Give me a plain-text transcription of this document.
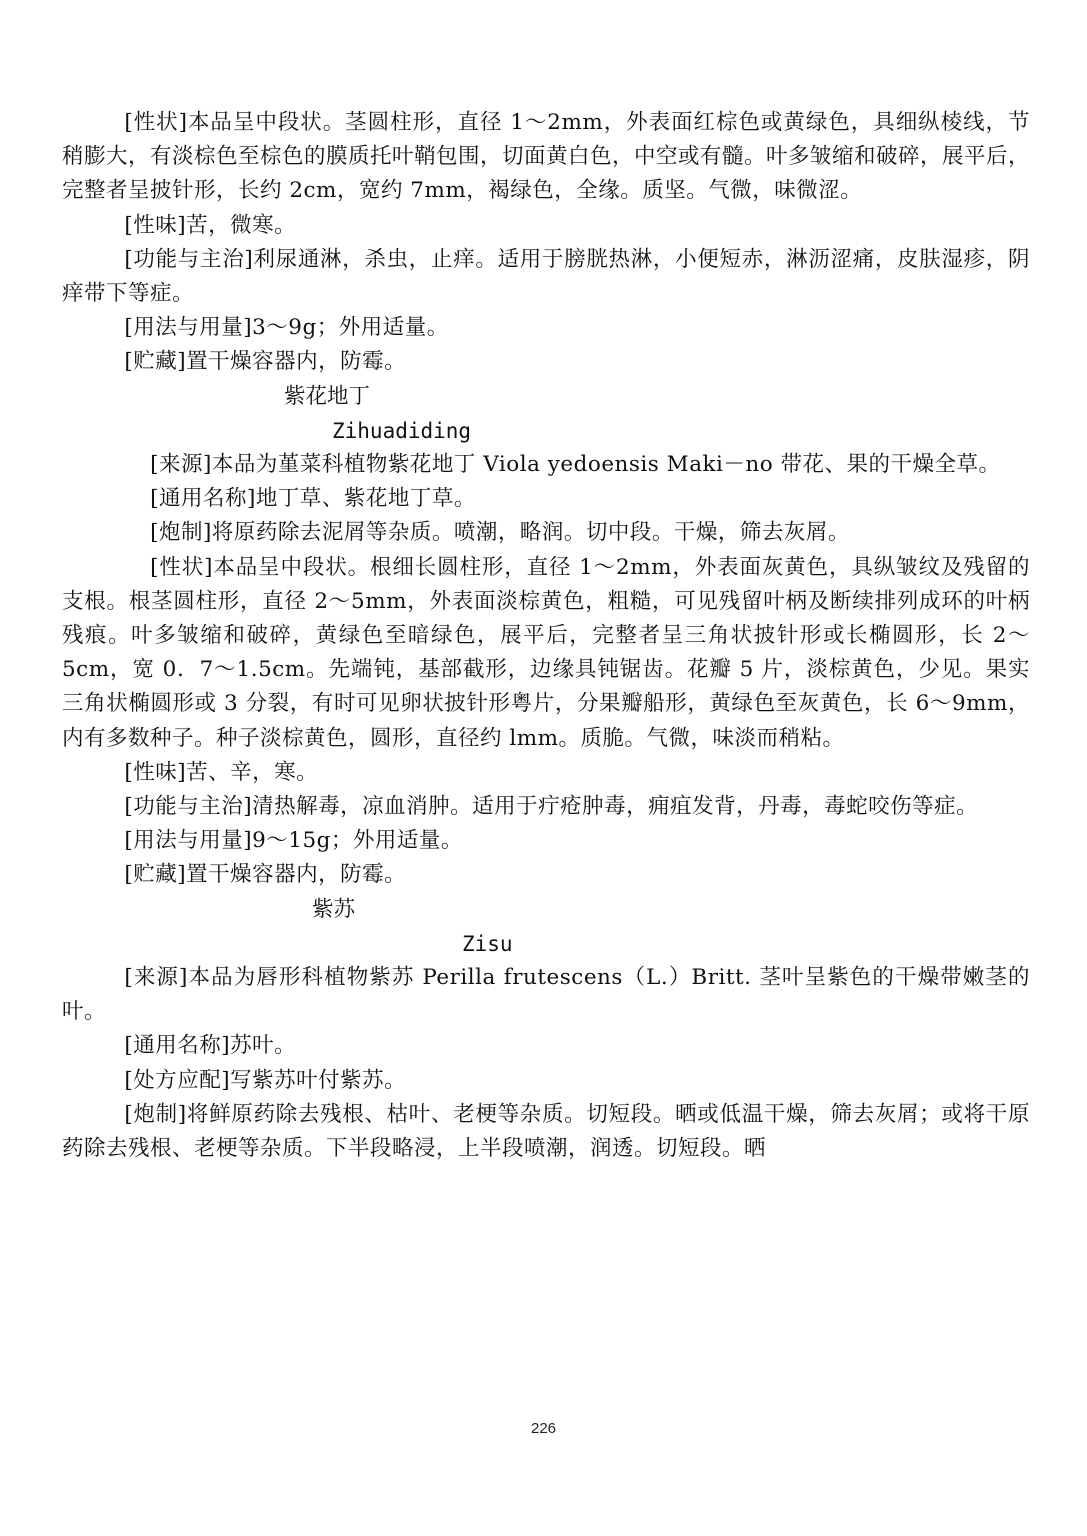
[性状]本品呈中段状。茎圆柱形，直径 1～2mm，外表面红棕色或黄绿色，具细纵棱线，节稍膨大，有淡棕色至棕色的膜质托叶鞘包围，切面黄白色，中空或有髓。叶多皱缩和破碎，展平后，完整者呈披针形，长约 2cm，宽约 7mm，褐绿色，全缘。质坚。气微，味微涩。

[性味]苦，微寒。

[功能与主治]利尿通淋，杀虫，止痒。适用于膀胱热淋，小便短赤，淋沥涩痛，皮肤湿疹，阴痒带下等症。

[用法与用量]3～9g；外用适量。

[贮藏]置干燥容器内，防霉。

紫花地丁

Zihuadiding

[来源]本品为堇菜科植物紫花地丁 Viola yedoensis Maki－no 带花、果的干燥全草。

[通用名称]地丁草、紫花地丁草。

[炮制]将原药除去泥屑等杂质。喷潮，略润。切中段。干燥，筛去灰屑。

[性状]本品呈中段状。根细长圆柱形，直径 1～2mm，外表面灰黄色，具纵皱纹及残留的支根。根茎圆柱形，直径 2～5mm，外表面淡棕黄色，粗糙，可见残留叶柄及断续排列成环的叶柄残痕。叶多皱缩和破碎，黄绿色至暗绿色，展平后，完整者呈三角状披针形或长椭圆形，长 2～5cm，宽 0．7～1.5cm。先端钝，基部截形，边缘具钝锯齿。花瓣 5 片，淡棕黄色，少见。果实三角状椭圆形或 3 分裂，有时可见卵状披针形粤片，分果瓣船形，黄绿色至灰黄色，长 6～9mm，内有多数种子。种子淡棕黄色，圆形，直径约 lmm。质脆。气微，味淡而稍粘。

[性味]苦、辛，寒。

[功能与主治]清热解毒，凉血消肿。适用于疔疮肿毒，痈疽发背，丹毒，毒蛇咬伤等症。

[用法与用量]9～15g；外用适量。

[贮藏]置干燥容器内，防霉。

紫苏

Zisu

[来源]本品为唇形科植物紫苏 Perilla frutescens（L.）Britt. 茎叶呈紫色的干燥带嫩茎的叶。

[通用名称]苏叶。

[处方应配]写紫苏叶付紫苏。

[炮制]将鲜原药除去残根、枯叶、老梗等杂质。切短段。晒或低温干燥，筛去灰屑；或将干原药除去残根、老梗等杂质。下半段略浸，上半段喷潮，润透。切短段。晒

226
